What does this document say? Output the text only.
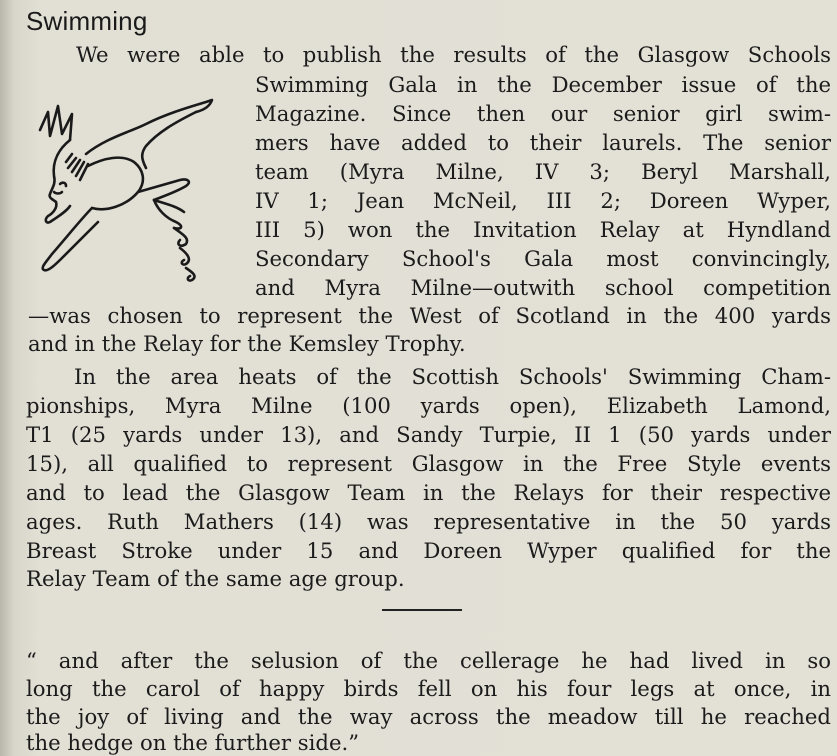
Swimming
We were able to publish the results of the Glasgow Schools
Swimming Gala in the December issue of the
Magazine. Since then our senior girl swim-
mers have added to their laurels. The senior
team (Myra Milne, IV 3; Beryl Marshall,
IV 1; Jean McNeil, III 2; Doreen Wyper,
III 5) won the Invitation Relay at Hyndland
Secondary School's Gala most convincingly,
and Myra Milne—outwith school competition
—was chosen to represent the West of Scotland in the 400 yards
and in the Relay for the Kemsley Trophy.
In the area heats of the Scottish Schools' Swimming Cham-
pionships, Myra Milne (100 yards open), Elizabeth Lamond,
T1 (25 yards under 13), and Sandy Turpie, II 1 (50 yards under
15), all qualified to represent Glasgow in the Free Style events
and to lead the Glasgow Team in the Relays for their respective
ages. Ruth Mathers (14) was representative in the 50 yards
Breast Stroke under 15 and Doreen Wyper qualified for the
Relay Team of the same age group.
“ and after the selusion of the cellerage he had lived in so
long the carol of happy birds fell on his four legs at once, in
the joy of living and the way across the meadow till he reached
the hedge on the further side.”
